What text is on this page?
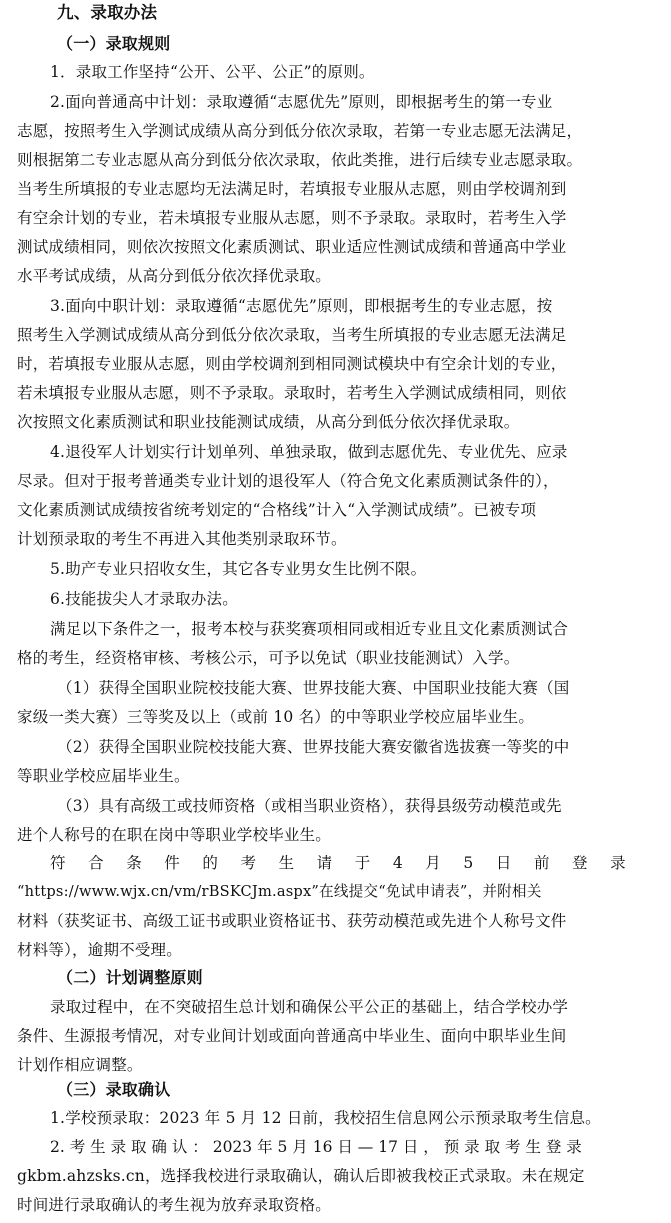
九、录取办法
（一）录取规则
1．录取工作坚持“公开、公平、公正”的原则。
2.面向普通高中计划：录取遵循“志愿优先”原则，即根据考生的第一专业
志愿，按照考生入学测试成绩从高分到低分依次录取，若第一专业志愿无法满足，
则根据第二专业志愿从高分到低分依次录取，依此类推，进行后续专业志愿录取。
当考生所填报的专业志愿均无法满足时，若填报专业服从志愿，则由学校调剂到
有空余计划的专业，若未填报专业服从志愿，则不予录取。录取时，若考生入学
测试成绩相同，则依次按照文化素质测试、职业适应性测试成绩和普通高中学业
水平考试成绩，从高分到低分依次择优录取。
3.面向中职计划：录取遵循“志愿优先”原则，即根据考生的专业志愿，按
照考生入学测试成绩从高分到低分依次录取，当考生所填报的专业志愿无法满足
时，若填报专业服从志愿，则由学校调剂到相同测试模块中有空余计划的专业，
若未填报专业服从志愿，则不予录取。录取时，若考生入学测试成绩相同，则依
次按照文化素质测试和职业技能测试成绩，从高分到低分依次择优录取。
4.退役军人计划实行计划单列、单独录取，做到志愿优先、专业优先、应录
尽录。但对于报考普通类专业计划的退役军人（符合免文化素质测试条件的），
文化素质测试成绩按省统考划定的“合格线”计入“入学测试成绩”。已被专项
计划预录取的考生不再进入其他类别录取环节。
5.助产专业只招收女生，其它各专业男女生比例不限。
6.技能拔尖人才录取办法。
满足以下条件之一，报考本校与获奖赛项相同或相近专业且文化素质测试合
格的考生，经资格审核、考核公示，可予以免试（职业技能测试）入学。
（1）获得全国职业院校技能大赛、世界技能大赛、中国职业技能大赛（国
家级一类大赛）三等奖及以上（或前 10 名）的中等职业学校应届毕业生。
（2）获得全国职业院校技能大赛、世界技能大赛安徽省选拔赛一等奖的中
等职业学校应届毕业生。
（3）具有高级工或技师资格（或相当职业资格），获得县级劳动模范或先
进个人称号的在职在岗中等职业学校毕业生。
符 合 条 件 的 考 生 请 于 4 月 5 日 前 登 录
“https://www.wjx.cn/vm/rBSKCJm.aspx”在线提交“免试申请表”，并附相关
材料（获奖证书、高级工证书或职业资格证书、获劳动模范或先进个人称号文件
材料等），逾期不受理。
（二）计划调整原则
录取过程中，在不突破招生总计划和确保公平公正的基础上，结合学校办学
条件、生源报考情况，对专业间计划或面向普通高中毕业生、面向中职毕业生间
计划作相应调整。
（三）录取确认
1.学校预录取：2023 年 5 月 12 日前，我校招生信息网公示预录取考生信息。
2. 考 生 录 取 确 认 ： 2023 年 5 月 16 日 — 17 日 ， 预 录 取 考 生 登 录
gkbm.ahzsks.cn，选择我校进行录取确认，确认后即被我校正式录取。未在规定
时间进行录取确认的考生视为放弃录取资格。
